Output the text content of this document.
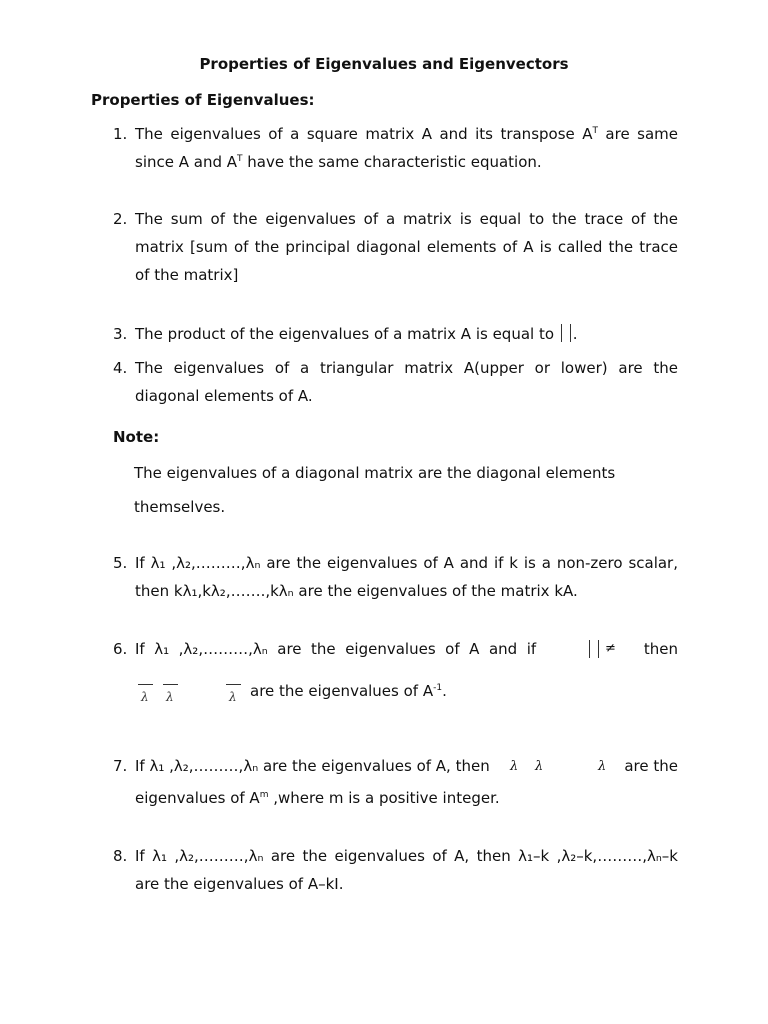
Properties of Eigenvalues and Eigenvectors
Properties of Eigenvalues:
1. The eigenvalues of a square matrix A and its transpose $A^T$ are same
since A and $A^T$ have the same characteristic equation.
2. The sum of the eigenvalues of a matrix is equal to the trace of the matrix [sum of the principal diagonal elements of A is called the trace of the matrix]
3. The product of the eigenvalues of a matrix A is equal to .
4. The eigenvalues of a triangular matrix A(upper or lower) are the diagonal elements of A.
Note:
The eigenvalues of a diagonal matrix are the diagonal elements
themselves.
5. If λ₁ ,λ₂,………,λₙ are the eigenvalues of A and if k is a non-zero scalar,
then kλ₁,kλ₂,…….,kλₙ are the eigenvalues of the matrix kA.
6. If  λ₁  ,λ₂,………,λₙ  are  the  eigenvalues  of  A  and  if	≠ then
λ λ	λ are the eigenvalues of $A^{-1}$.
7. If λ₁ ,λ₂,………,λₙ are the eigenvalues of A, then λ λ	λ are the
eigenvalues of $A^m$ ,where m is a positive integer.
8. If λ₁ ,λ₂,………,λₙ are the eigenvalues of A, then λ₁–k ,λ₂–k,………,λₙ–k
are the eigenvalues of A–kI.
